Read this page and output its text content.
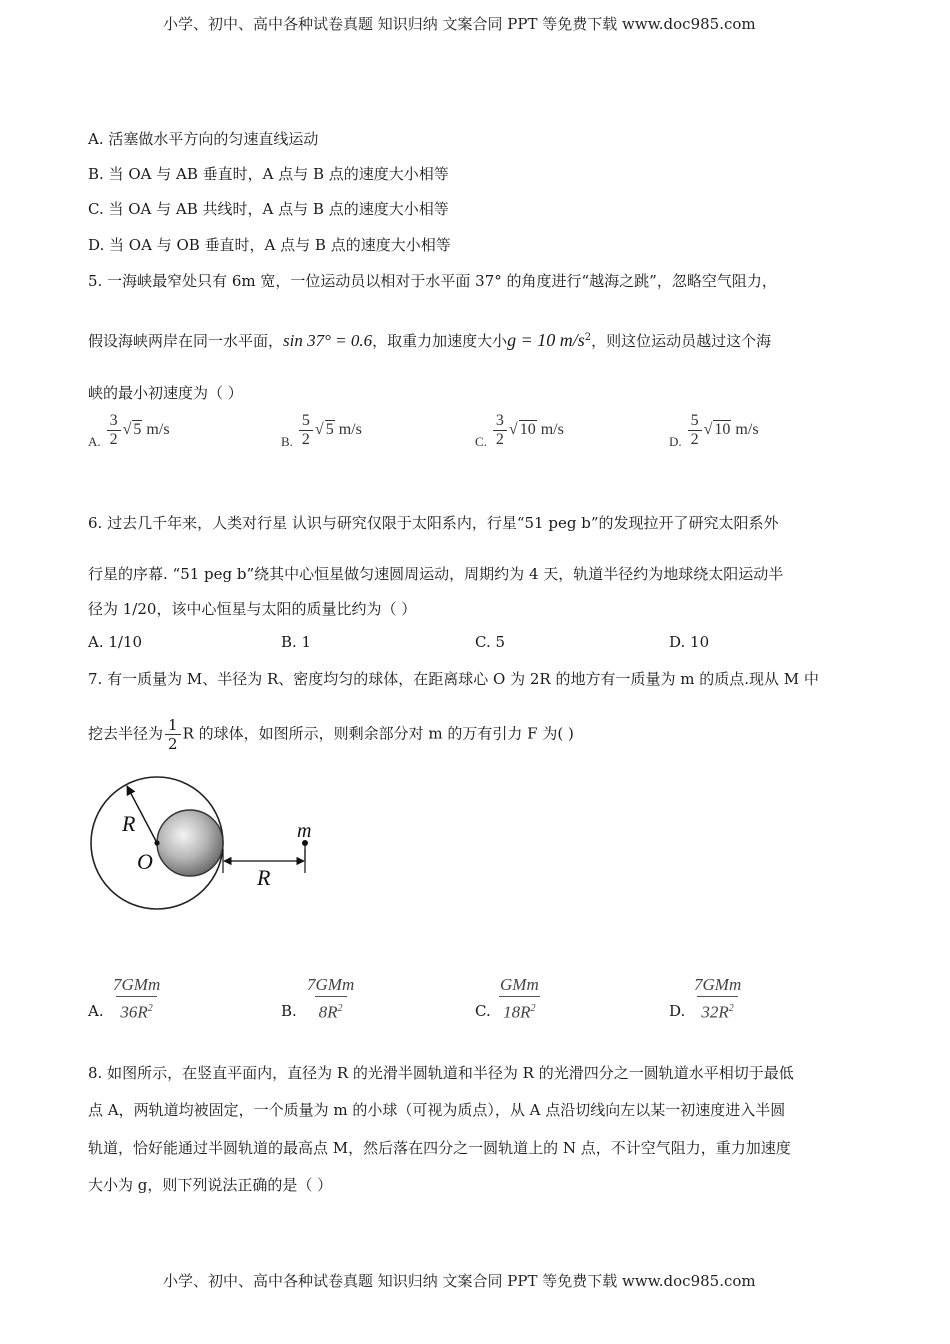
小学、初中、高中各种试卷真题 知识归纳 文案合同 PPT 等免费下载 www.doc985.com
A. 活塞做水平方向的匀速直线运动
B. 当 OA 与 AB 垂直时，A 点与 B 点的速度大小相等
C. 当 OA 与 AB 共线时，A 点与 B 点的速度大小相等
D. 当 OA 与 OB 垂直时，A 点与 B 点的速度大小相等
5. 一海峡最窄处只有 6m 宽，一位运动员以相对于水平面 37° 的角度进行“越海之跳”，忽略空气阻力，
假设海峡两岸在同一水平面，sin 37° = 0.6，取重力加速度大小g = 10 $m/s^2$，则这位运动员越过这个海
峡的最小初速度为（ ）
$_{A.} \frac{3}{2}$ √ 5 m/s
$_{B.} \frac{5}{2}$ √ 5 m/s
$_{C.} \frac{3}{2}$ √ 10 m/s
$_{D.} \frac{5}{2}$ √ 10 m/s
6. 过去几千年来，人类对行星 认识与研究仅限于太阳系内，行星“51 peg b”的发现拉开了研究太阳系外
行星的序幕. “51 peg b”绕其中心恒星做匀速圆周运动，周期约为 4 天，轨道半径约为地球绕太阳运动半
径为 1/20，该中心恒星与太阳的质量比约为（ ）
A. 1/10	B. 1	C. 5	D. 10
7. 有一质量为 M、半径为 R、密度均匀的球体，在距离球心 O 为 2R 的地方有一质量为 m 的质点.现从 M 中
挖去半径为 $\frac{1}{2}$ R 的球体，如图所示，则剩余部分对 m 的万有引力 F 为( )
R
O
R
m
A.
7GMm
$36R^2$	B.
7GMm
$8R^2$	C.
GMm
$18R^2$	D.
7GMm
$32R^2$
8. 如图所示，在竖直平面内，直径为 R 的光滑半圆轨道和半径为 R 的光滑四分之一圆轨道水平相切于最低
点 A，两轨道均被固定，一个质量为 m 的小球（可视为质点），从 A 点沿切线向左以某一初速度进入半圆
轨道，恰好能通过半圆轨道的最高点 M，然后落在四分之一圆轨道上的 N 点，不计空气阻力，重力加速度
大小为 g，则下列说法正确的是（ ）
小学、初中、高中各种试卷真题 知识归纳 文案合同 PPT 等免费下载 www.doc985.com
